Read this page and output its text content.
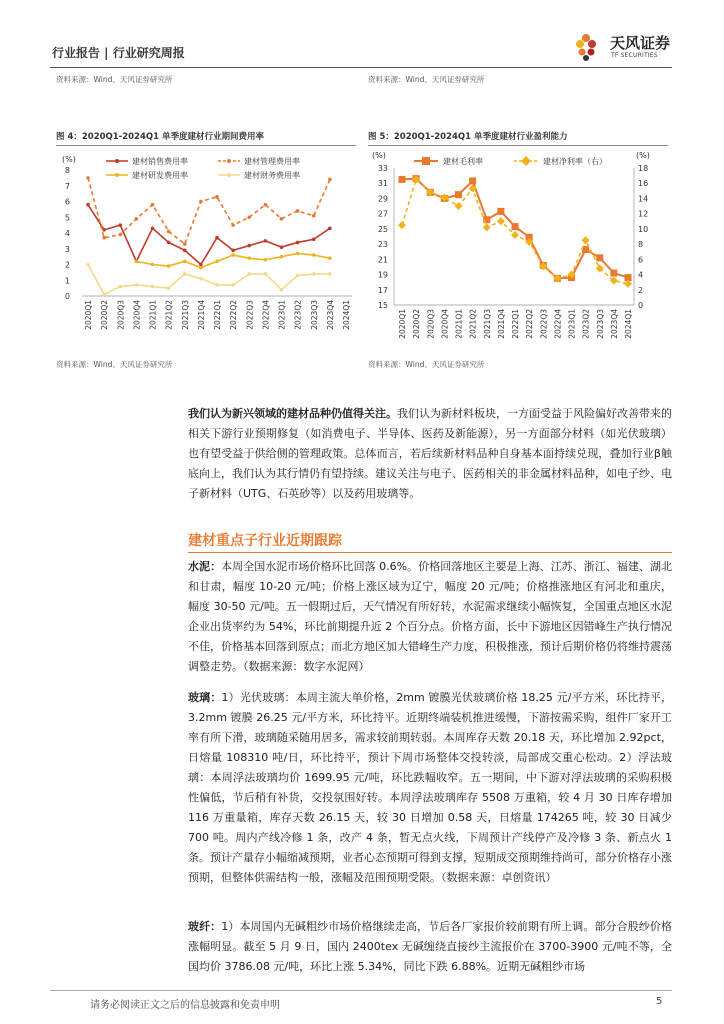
行业报告 | 行业研究周报
天风证券
TF SECURITIES
资料来源：Wind、天风证券研究所	资料来源：Wind、天风证券研究所
图 4：2020Q1-2024Q1 单季度建材行业期间费用率	图 5：2020Q1-2024Q1 单季度建材行业盈利能力
(%)
0
1
2
3
4
5
6
7
8
2020Q1 2020Q2 2020Q3 2020Q4 2021Q1 2021Q2 2021Q3 2021Q4 2022Q1 2022Q2 2022Q3 2022Q4 2023Q1 2023Q2 2023Q3 2023Q4 2024Q1
建材销售费用率	建材管理费用率
建材研发费用率	建材财务费用率
(%)	(%)
15
17
19
21
23
25
27
29
31
33
0
2
4
6
8
10
12
14
16
18
2020Q1 2020Q2 2020Q3 2020Q4 2021Q1 2021Q2 2021Q3 2021Q4 2022Q1 2022Q2 2022Q3 2022Q4 2023Q1 2023Q2 2023Q3 2023Q4 2024Q1
建材毛利率	建材净利率（右）
资料来源：Wind、天风证券研究所	资料来源：Wind、天风证券研究所
我们认为新兴领域的建材品种仍值得关注。我们认为新材料板块，一方面受益于风险偏好改善带来的相关下游行业预期修复（如消费电子、半导体、医药及新能源），另一方面部分材料（如光伏玻璃）也有望受益于供给侧的管理政策。总体而言，若后续新材料品种自身基本面持续兑现，叠加行业β触底向上，我们认为其行情仍有望持续。建议关注与电子、医药相关的非金属材料品种，如电子纱、电子新材料（UTG、石英砂等）以及药用玻璃等。
建材重点子行业近期跟踪
水泥：本周全国水泥市场价格环比回落 0.6%。价格回落地区主要是上海、江苏、浙江、福建、湖北和甘肃，幅度 10-20 元/吨；价格上涨区域为辽宁，幅度 20 元/吨；价格推涨地区有河北和重庆，幅度 30-50 元/吨。五一假期过后，天气情况有所好转，水泥需求继续小幅恢复，全国重点地区水泥企业出货率约为 54%，环比前期提升近 2 个百分点。价格方面，长中下游地区因错峰生产执行情况不佳，价格基本回落到原点；而北方地区加大错峰生产力度，积极推涨，预计后期价格仍将维持震荡调整走势。（数据来源：数字水泥网）
玻璃：1）光伏玻璃：本周主流大单价格，2mm 镀膜光伏玻璃价格 18.25 元/平方米，环比持平，3.2mm 镀膜 26.25 元/平方米，环比持平。近期终端装机推进缓慢，下游按需采购，组件厂家开工率有所下滑，玻璃随采随用居多，需求较前期转弱。本周库存天数 20.18 天，环比增加 2.92pct，日熔量 108310 吨/日，环比持平，预计下周市场整体交投转淡，局部成交重心松动。2）浮法玻璃：本周浮法玻璃均价 1699.95 元/吨，环比跌幅收窄。五一期间，中下游对浮法玻璃的采购积极性偏低，节后稍有补货，交投氛围好转。本周浮法玻璃库存 5508 万重箱，较 4 月 30 日库存增加 116 万重量箱，库存天数 26.15 天，较 30 日增加 0.58 天，日熔量 174265 吨，较 30 日减少 700 吨。周内产线冷修 1 条，改产 4 条，暂无点火线，下周预计产线停产及冷修 3 条、新点火 1 条。预计产量存小幅缩减预期，业者心态预期可得到支撑，短期成交预期维持尚可，部分价格存小涨预期，但整体供需结构一般，涨幅及范围预期受限。（数据来源：卓创资讯）
玻纤：1）本周国内无碱粗纱市场价格继续走高，节后各厂家报价较前期有所上调。部分合股纱价格涨幅明显。截至 5 月 9 日，国内 2400tex 无碱缠绕直接纱主流报价在 3700-3900 元/吨不等，全国均价 3786.08 元/吨，环比上涨 5.34%，同比下跌 6.88%。近期无碱粗纱市场
请务必阅读正文之后的信息披露和免责申明	5
